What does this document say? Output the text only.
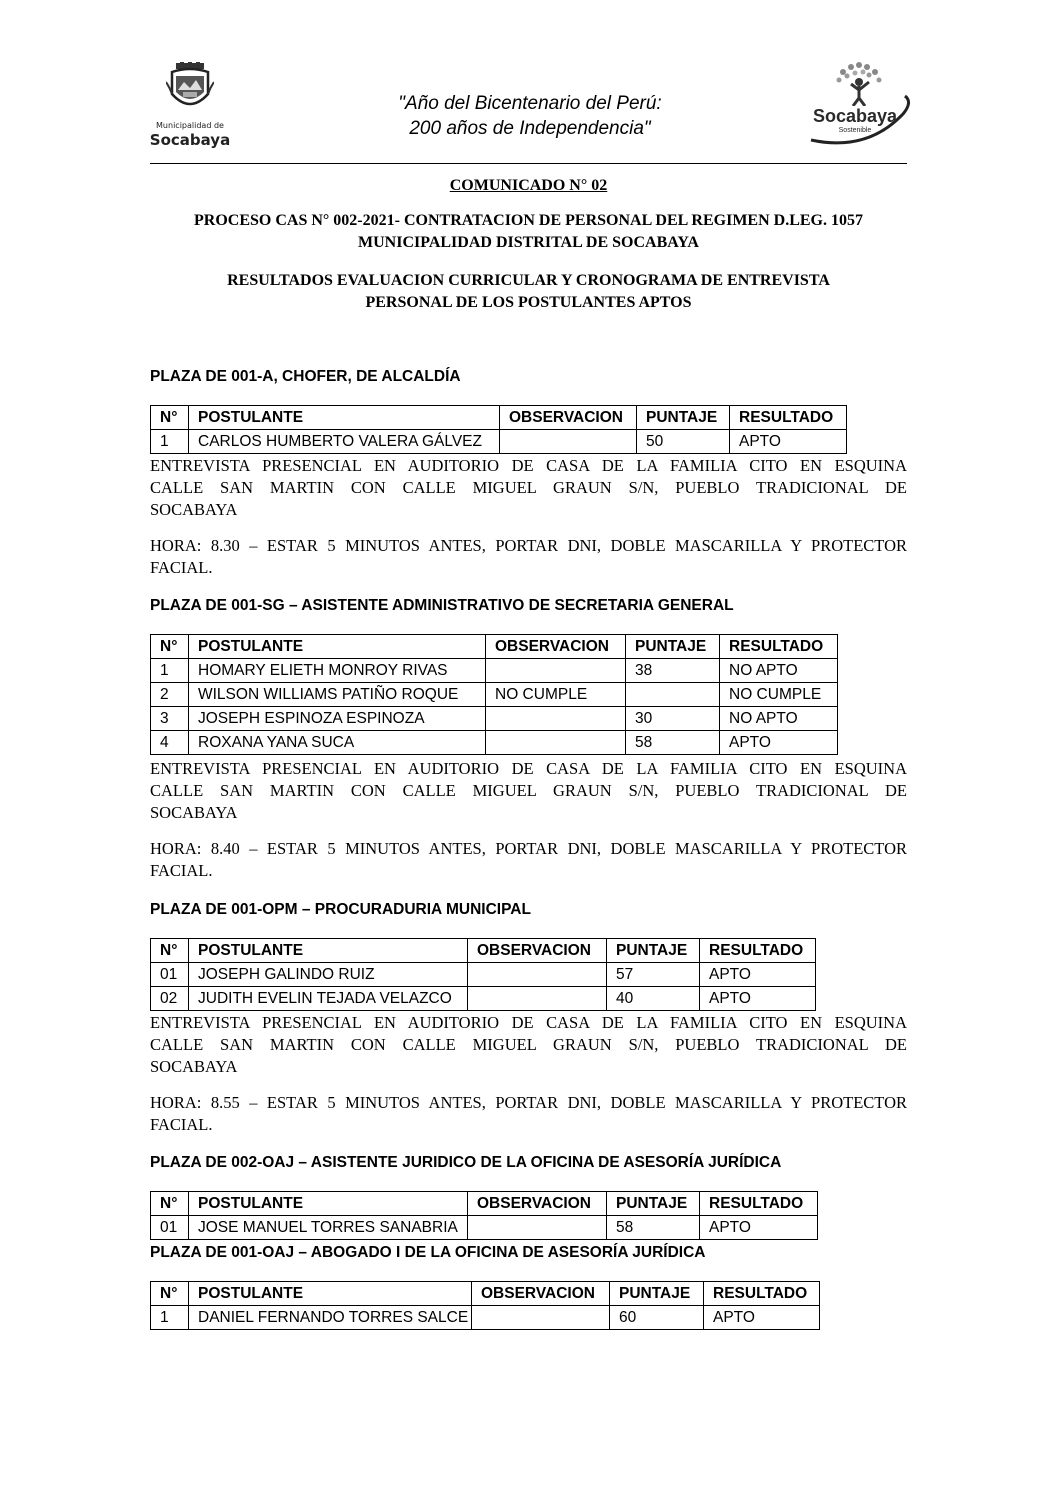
Municipalidad de
Socabaya
"Año del Bicentenario del Perú:
200 años de Independencia"
Socabaya
Sostenible
COMUNICADO N° 02
PROCESO CAS N° 002-2021- CONTRATACION DE PERSONAL DEL REGIMEN D.LEG. 1057
MUNICIPALIDAD DISTRITAL DE SOCABAYA
RESULTADOS EVALUACION CURRICULAR Y CRONOGRAMA DE ENTREVISTA
PERSONAL DE LOS POSTULANTES APTOS
PLAZA DE 001-A, CHOFER, DE ALCALDÍA
N°	POSTULANTE	OBSERVACION	PUNTAJE	RESULTADO
1	CARLOS HUMBERTO VALERA GÁLVEZ		50	APTO
ENTREVISTA PRESENCIAL EN AUDITORIO DE CASA DE LA FAMILIA CITO EN ESQUINA
CALLE SAN MARTIN CON CALLE MIGUEL GRAUN S/N, PUEBLO TRADICIONAL DE
SOCABAYA
HORA: 8.30 – ESTAR 5 MINUTOS ANTES, PORTAR DNI, DOBLE MASCARILLA Y PROTECTOR
FACIAL.
PLAZA DE 001-SG – ASISTENTE ADMINISTRATIVO DE SECRETARIA GENERAL
N°	POSTULANTE	OBSERVACION	PUNTAJE	RESULTADO
1	HOMARY ELIETH MONROY RIVAS		38	NO APTO
2	WILSON WILLIAMS PATIÑO ROQUE	NO CUMPLE		NO CUMPLE
3	JOSEPH ESPINOZA ESPINOZA		30	NO APTO
4	ROXANA YANA SUCA		58	APTO
ENTREVISTA PRESENCIAL EN AUDITORIO DE CASA DE LA FAMILIA CITO EN ESQUINA
CALLE SAN MARTIN CON CALLE MIGUEL GRAUN S/N, PUEBLO TRADICIONAL DE
SOCABAYA
HORA: 8.40 – ESTAR 5 MINUTOS ANTES, PORTAR DNI, DOBLE MASCARILLA Y PROTECTOR
FACIAL.
PLAZA DE 001-OPM – PROCURADURIA MUNICIPAL
N°	POSTULANTE	OBSERVACION	PUNTAJE	RESULTADO
01	JOSEPH GALINDO RUIZ		57	APTO
02	JUDITH EVELIN TEJADA VELAZCO		40	APTO
ENTREVISTA PRESENCIAL EN AUDITORIO DE CASA DE LA FAMILIA CITO EN ESQUINA
CALLE SAN MARTIN CON CALLE MIGUEL GRAUN S/N, PUEBLO TRADICIONAL DE
SOCABAYA
HORA: 8.55 – ESTAR 5 MINUTOS ANTES, PORTAR DNI, DOBLE MASCARILLA Y PROTECTOR
FACIAL.
PLAZA DE 002-OAJ – ASISTENTE JURIDICO DE LA OFICINA DE ASESORÍA JURÍDICA
N°	POSTULANTE	OBSERVACION	PUNTAJE	RESULTADO
01	JOSE MANUEL TORRES SANABRIA		58	APTO
PLAZA DE 001-OAJ – ABOGADO I DE LA OFICINA DE ASESORÍA JURÍDICA
N°	POSTULANTE	OBSERVACION	PUNTAJE	RESULTADO
1	DANIEL FERNANDO TORRES SALCE		60	APTO
